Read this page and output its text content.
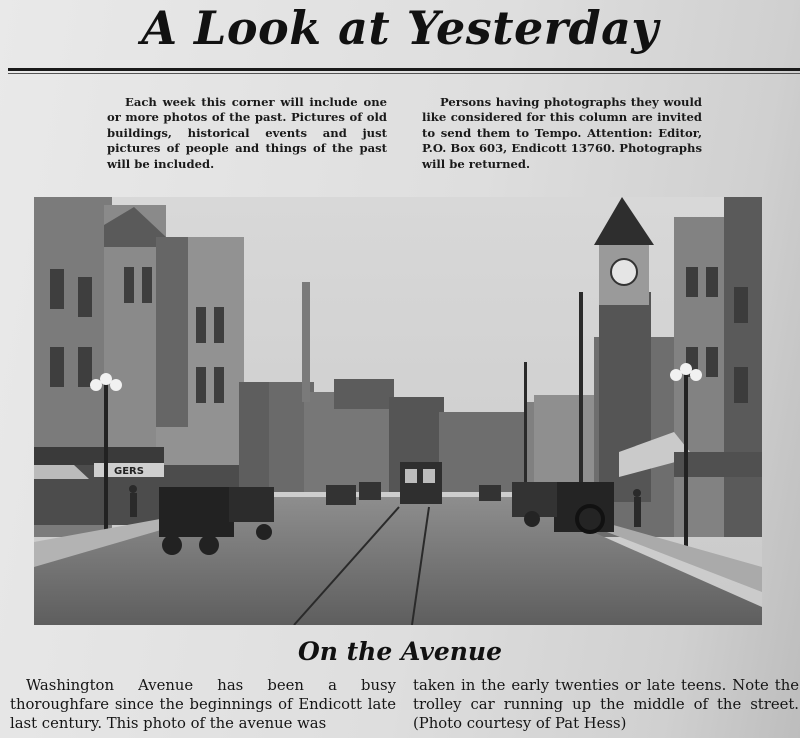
A Look at Yesterday
Each week this corner will include one or more photos of the past. Pictures of old buildings, historical events and just pictures of people and things of the past will be included.
Persons having photographs they would like considered for this column are invited to send them to Tempo. Attention: Editor, P.O. Box 603, Endicott 13760. Photographs will be returned.
GERS
On the Avenue
Washington Avenue has been a busy thoroughfare since the beginnings of Endicott late last century. This photo of the avenue was
taken in the early twenties or late teens. Note the trolley car running up the middle of the street. (Photo courtesy of Pat Hess)
